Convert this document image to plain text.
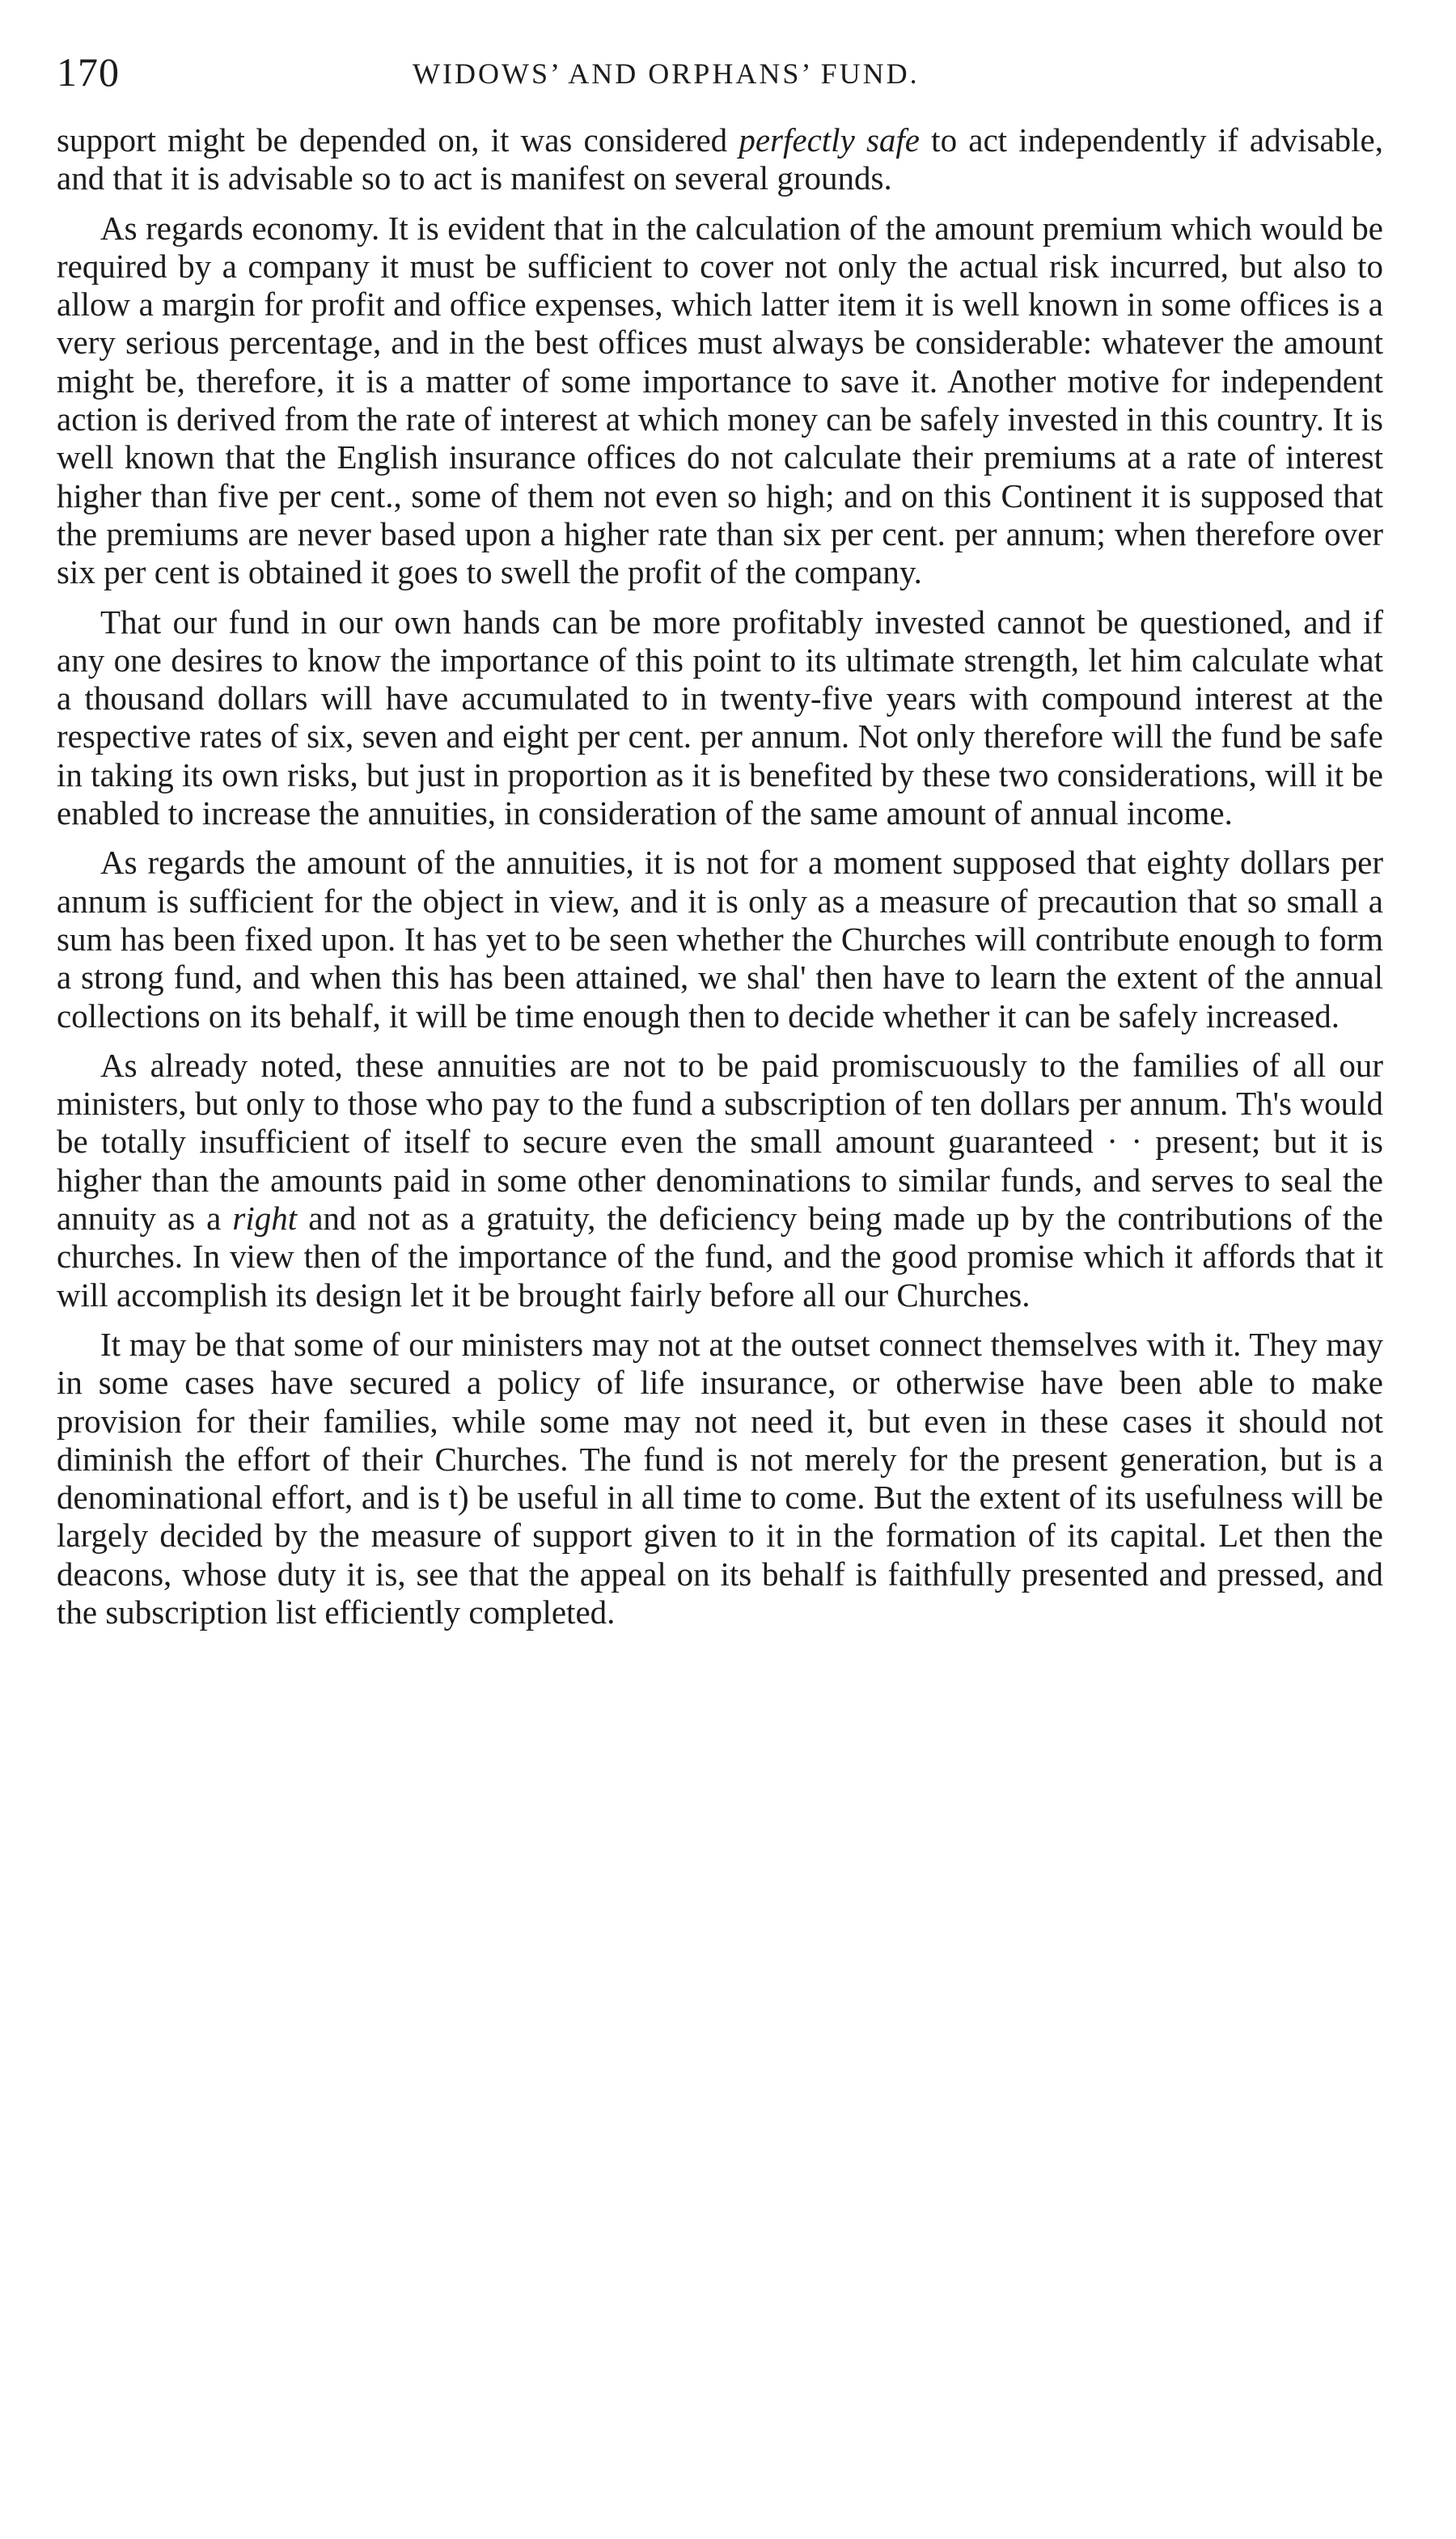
170	WIDOWS’ AND ORPHANS’ FUND.

support might be depended on, it was considered perfectly safe to act independently if advisable, and that it is advisable so to act is manifest on several grounds.

As regards economy. It is evident that in the calculation of the amount premium which would be required by a company it must be sufficient to cover not only the actual risk incurred, but also to allow a margin for profit and office expenses, which latter item it is well known in some offices is a very serious percentage, and in the best offices must always be considerable: whatever the amount might be, therefore, it is a matter of some importance to save it. Another motive for independent action is derived from the rate of interest at which money can be safely invested in this country. It is well known that the English insurance offices do not calculate their premiums at a rate of interest higher than five per cent., some of them not even so high; and on this Continent it is supposed that the premiums are never based upon a higher rate than six per cent. per annum; when therefore over six per cent is obtained it goes to swell the profit of the company.

That our fund in our own hands can be more profitably invested cannot be questioned, and if any one desires to know the importance of this point to its ultimate strength, let him calculate what a thousand dollars will have accumulated to in twenty-five years with compound interest at the respective rates of six, seven and eight per cent. per annum. Not only therefore will the fund be safe in taking its own risks, but just in proportion as it is benefited by these two considerations, will it be enabled to increase the annuities, in consideration of the same amount of annual income.

As regards the amount of the annuities, it is not for a moment supposed that eighty dollars per annum is sufficient for the object in view, and it is only as a measure of precaution that so small a sum has been fixed upon. It has yet to be seen whether the Churches will contribute enough to form a strong fund, and when this has been attained, we shal' then have to learn the extent of the annual collections on its behalf, it will be time enough then to decide whether it can be safely increased.

As already noted, these annuities are not to be paid promiscuously to the families of all our ministers, but only to those who pay to the fund a subscription of ten dollars per annum. Th's would be totally insufficient of itself to secure even the small amount guaranteed · · present; but it is higher than the amounts paid in some other denominations to similar funds, and serves to seal the annuity as a right and not as a gratuity, the deficiency being made up by the contributions of the churches. In view then of the importance of the fund, and the good promise which it affords that it will accomplish its design let it be brought fairly before all our Churches.

It may be that some of our ministers may not at the outset connect themselves with it. They may in some cases have secured a policy of life insurance, or otherwise have been able to make provision for their families, while some may not need it, but even in these cases it should not diminish the effort of their Churches. The fund is not merely for the present generation, but is a denominational effort, and is t) be useful in all time to come. But the extent of its usefulness will be largely decided by the measure of support given to it in the formation of its capital. Let then the deacons, whose duty it is, see that the appeal on its behalf is faithfully presented and pressed, and the subscription list efficiently completed.
